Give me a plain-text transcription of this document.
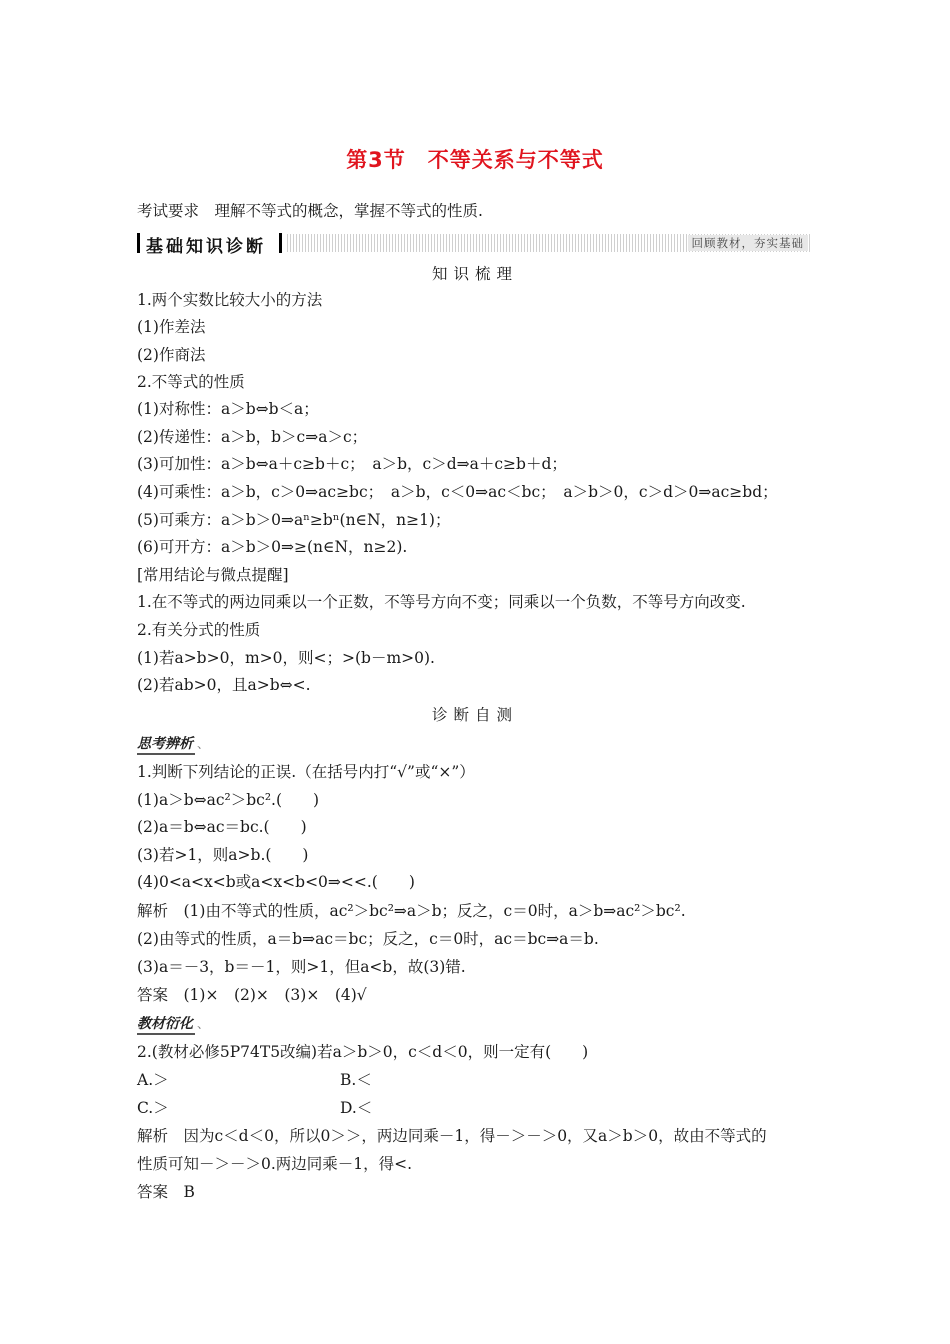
第3节　不等关系与不等式
考试要求　理解不等式的概念，掌握不等式的性质.
基础知识诊断	回顾教材，夯实基础
知识梳理
1.两个实数比较大小的方法
(1)作差法
(2)作商法
2.不等式的性质
(1)对称性：a＞b⇔b＜a；
(2)传递性：a＞b，b＞c⇒a＞c；
(3)可加性：a＞b⇔a＋c≥b＋c；　a＞b，c＞d⇒a＋c≥b＋d；
(4)可乘性：a＞b，c＞0⇒ac≥bc；　a＞b，c＜0⇒ac＜bc；　a＞b＞0，c＞d＞0⇒ac≥bd；
(5)可乘方：a＞b＞0⇒aⁿ≥bⁿ(n∈N，n≥1)；
(6)可开方：a＞b＞0⇒≥(n∈N，n≥2).
[常用结论与微点提醒]
1.在不等式的两边同乘以一个正数，不等号方向不变；同乘以一个负数，不等号方向改变.
2.有关分式的性质
(1)若a>b>0，m>0，则<；>(b－m>0).
(2)若ab>0，且a>b⇔<.
诊断自测
思考辨析 、
1.判断下列结论的正误.（在括号内打“√”或“×”）
(1)a＞b⇔ac²＞bc².(　　)
(2)a＝b⇔ac＝bc.(　　)
(3)若>1，则a>b.(　　)
(4)0<a<x<b或a<x<b<0⇒<<.(　　)
解析　(1)由不等式的性质，ac²＞bc²⇒a＞b；反之，c＝0时，a＞b⇒ac²＞bc².
(2)由等式的性质，a＝b⇒ac＝bc；反之，c＝0时，ac＝bc⇒a＝b.
(3)a＝－3，b＝－1，则>1，但a<b，故(3)错.
答案　(1)×　(2)×　(3)×　(4)√
教材衍化 、
2.(教材必修5P74T5改编)若a＞b＞0，c＜d＜0，则一定有(　　)
A.＞	B.＜
C.＞	D.＜
解析　因为c＜d＜0，所以0＞＞，两边同乘－1，得－＞－＞0，又a＞b＞0，故由不等式的
性质可知－＞－＞0.两边同乘－1，得<.
答案　B
